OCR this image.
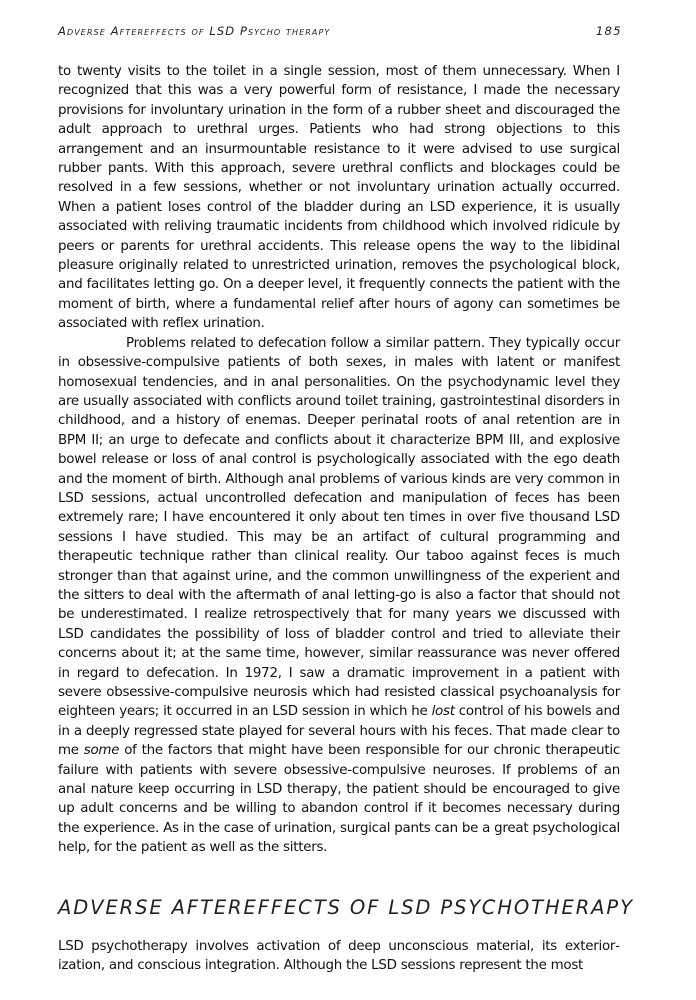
Adverse Aftereffects of LSD Psycho therapy	185

to twenty visits to the toilet in a single session, most of them unnecessary. When I recognized that this was a very powerful form of resistance, I made the necessary provisions for involuntary urination in the form of a rubber sheet and discouraged the adult approach to urethral urges. Patients who had strong objections to this arrangement and an insurmountable resistance to it were advised to use surgical rubber pants. With this approach, severe urethral conflicts and blockages could be resolved in a few sessions, whether or not involuntary urination actually occurred. When a patient loses control of the bladder during an LSD experience, it is usually associated with reliving traumatic incidents from childhood which involved ridicule by peers or parents for urethral accidents. This release opens the way to the libidinal pleasure originally related to unrestricted urination, removes the psychological block, and facilitates letting go. On a deeper level, it frequently connects the patient with the moment of birth, where a fundamental relief after hours of agony can sometimes be associated with reflex urination.

Problems related to defecation follow a similar pattern. They typically occur in obsessive-compulsive patients of both sexes, in males with latent or manifest homosexual tendencies, and in anal personalities. On the psychodynamic level they are usually associated with conflicts around toilet training, gastrointestinal disorders in childhood, and a history of enemas. Deeper perinatal roots of anal retention are in BPM II; an urge to defecate and conflicts about it characterize BPM III, and explosive bowel release or loss of anal control is psychologically associated with the ego death and the moment of birth. Although anal problems of various kinds are very common in LSD sessions, actual uncontrolled defecation and manipulation of feces has been extremely rare; I have encountered it only about ten times in over five thousand LSD sessions I have studied. This may be an artifact of cultural programming and therapeutic technique rather than clinical reality. Our taboo against feces is much stronger than that against urine, and the common unwillingness of the experient and the sitters to deal with the aftermath of anal letting-go is also a factor that should not be underestimated. I realize retrospectively that for many years we discussed with LSD candidates the possibility of loss of bladder control and tried to alleviate their concerns about it; at the same time, however, similar reassurance was never offered in regard to defecation. In 1972, I saw a dramatic improvement in a patient with severe obsessive-compulsive neurosis which had resisted classical psychoanalysis for eighteen years; it occurred in an LSD session in which he lost control of his bowels and in a deeply regressed state played for several hours with his feces. That made clear to me some of the factors that might have been responsible for our chronic therapeutic failure with patients with severe obsessive-compulsive neuroses. If problems of an anal nature keep occurring in LSD therapy, the patient should be encouraged to give up adult concerns and be willing to abandon control if it becomes necessary during the experience. As in the case of urination, surgical pants can be a great psychological help, for the patient as well as the sitters.

ADVERSE AFTEREFFECTS OF LSD PSYCHOTHERAPY

LSD psychotherapy involves activation of deep unconscious material, its exteriorization, and conscious integration. Although the LSD sessions represent the most
